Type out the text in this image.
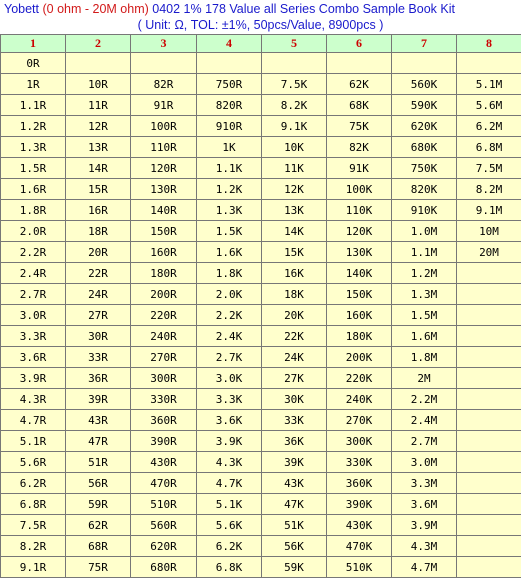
Yobett (0 ohm - 20M ohm) 0402 1% 178 Value all Series Combo Sample Book Kit
( Unit: Ω, TOL: ±1%, 50pcs/Value, 8900pcs )
1	2	3	4	5	6	7	8
0R							
1R	10R	82R	750R	7.5K	62K	560K	5.1M
1.1R	11R	91R	820R	8.2K	68K	590K	5.6M
1.2R	12R	100R	910R	9.1K	75K	620K	6.2M
1.3R	13R	110R	1K	10K	82K	680K	6.8M
1.5R	14R	120R	1.1K	11K	91K	750K	7.5M
1.6R	15R	130R	1.2K	12K	100K	820K	8.2M
1.8R	16R	140R	1.3K	13K	110K	910K	9.1M
2.0R	18R	150R	1.5K	14K	120K	1.0M	10M
2.2R	20R	160R	1.6K	15K	130K	1.1M	20M
2.4R	22R	180R	1.8K	16K	140K	1.2M	
2.7R	24R	200R	2.0K	18K	150K	1.3M	
3.0R	27R	220R	2.2K	20K	160K	1.5M	
3.3R	30R	240R	2.4K	22K	180K	1.6M	
3.6R	33R	270R	2.7K	24K	200K	1.8M	
3.9R	36R	300R	3.0K	27K	220K	2M	
4.3R	39R	330R	3.3K	30K	240K	2.2M	
4.7R	43R	360R	3.6K	33K	270K	2.4M	
5.1R	47R	390R	3.9K	36K	300K	2.7M	
5.6R	51R	430R	4.3K	39K	330K	3.0M	
6.2R	56R	470R	4.7K	43K	360K	3.3M	
6.8R	59R	510R	5.1K	47K	390K	3.6M	
7.5R	62R	560R	5.6K	51K	430K	3.9M	
8.2R	68R	620R	6.2K	56K	470K	4.3M	
9.1R	75R	680R	6.8K	59K	510K	4.7M	
